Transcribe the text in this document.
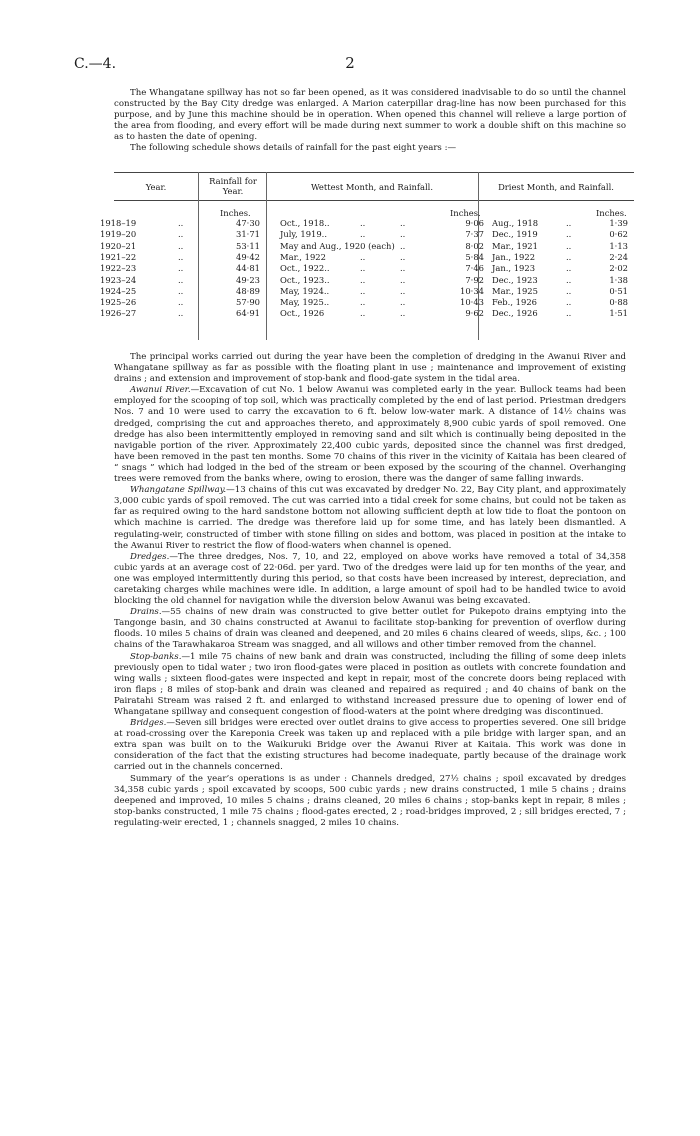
C.—4.	2

The Whangatane spillway has not so far been opened, as it was considered inadvisable to do so until the channel constructed by the Bay City dredge was enlarged. A Marion caterpillar drag-line has now been purchased for this purpose, and by June this machine should be in operation. When opened this channel will relieve a large portion of the area from flooding, and every effort will be made during next summer to work a double shift on this machine so as to hasten the date of opening.

The following schedule shows details of rainfall for the past eight years :—

Year.
Rainfall for Year.	Wettest Month, and Rainfall.	Driest Month, and Rainfall.
Inches.	Inches.	Inches.
1918–19	..	47·30 Oct., 1918..	..	..	9·06 Aug., 1918	..	1·39
1919–20	..	31·71 July, 1919..	..	..	7·37 Dec., 1919	..	0·62
1920–21	..	53·11 May and Aug., 1920 (each) ..	8·02 Mar., 1921	..	1·13
1921–22	..	49·42 Mar., 1922	..	..	5·84 Jan., 1922	..	2·24
1922–23	..	44·81 Oct., 1922..	..	..	7·46 Jan., 1923	..	2·02
1923–24	..	49·23 Oct., 1923..	..	..	7·92 Dec., 1923	..	1·38
1924–25	..	48·89 May, 1924..	..	..	10·34 Mar., 1925	..	0·51
1925–26	..	57·90 May, 1925..	..	..	10·43 Feb., 1926	..	0·88
1926–27	..	64·91 Oct., 1926	..	..	9·62 Dec., 1926	..	1·51

The principal works carried out during the year have been the completion of dredging in the Awanui River and Whangatane spillway as far as possible with the floating plant in use ; maintenance and improvement of existing drains ; and extension and improvement of stop-bank and flood-gate system in the tidal area.

Awanui River.—Excavation of cut No. 1 below Awanui was completed early in the year. Bullock teams had been employed for the scooping of top soil, which was practically completed by the end of last period. Priestman dredgers Nos. 7 and 10 were used to carry the excavation to 6 ft. below low-water mark. A distance of 14½ chains was dredged, comprising the cut and approaches thereto, and approximately 8,900 cubic yards of spoil removed. One dredge has also been intermittently employed in removing sand and silt which is continually being deposited in the navigable portion of the river. Approximately 22,400 cubic yards, deposited since the channel was first dredged, have been removed in the past ten months. Some 70 chains of this river in the vicinity of Kaitaia has been cleared of “ snags ” which had lodged in the bed of the stream or been exposed by the scouring of the channel. Overhanging trees were removed from the banks where, owing to erosion, there was the danger of same falling inwards.

Whangatane Spillway.—13 chains of this cut was excavated by dredger No. 22, Bay City plant, and approximately 3,000 cubic yards of spoil removed. The cut was carried into a tidal creek for some chains, but could not be taken as far as required owing to the hard sandstone bottom not allowing sufficient depth at low tide to float the pontoon on which machine is carried. The dredge was therefore laid up for some time, and has lately been dismantled. A regulating-weir, constructed of timber with stone filling on sides and bottom, was placed in position at the intake to the Awanui River to restrict the flow of flood-waters when channel is opened.

Dredges.—The three dredges, Nos. 7, 10, and 22, employed on above works have removed a total of 34,358 cubic yards at an average cost of 22·06d. per yard. Two of the dredges were laid up for ten months of the year, and one was employed intermittently during this period, so that costs have been increased by interest, depreciation, and caretaking charges while machines were idle. In addition, a large amount of spoil had to be handled twice to avoid blocking the old channel for navigation while the diversion below Awanui was being excavated.

Drains.—55 chains of new drain was constructed to give better outlet for Pukepoto drains emptying into the Tangonge basin, and 30 chains constructed at Awanui to facilitate stop-banking for prevention of overflow during floods. 10 miles 5 chains of drain was cleaned and deepened, and 20 miles 6 chains cleared of weeds, slips, &c. ; 100 chains of the Tarawhakaroa Stream was snagged, and all willows and other timber removed from the channel.

Stop-banks.—1 mile 75 chains of new bank and drain was constructed, including the filling of some deep inlets previously open to tidal water ; two iron flood-gates were placed in position as outlets with concrete foundation and wing walls ; sixteen flood-gates were inspected and kept in repair, most of the concrete doors being replaced with iron flaps ; 8 miles of stop-bank and drain was cleaned and repaired as required ; and 40 chains of bank on the Pairatahi Stream was raised 2 ft. and enlarged to withstand increased pressure due to opening of lower end of Whangatane spillway and consequent congestion of flood-waters at the point where dredging was discontinued.

Bridges.—Seven sill bridges were erected over outlet drains to give access to properties severed. One sill bridge at road-crossing over the Kareponia Creek was taken up and replaced with a pile bridge with larger span, and an extra span was built on to the Waikuruki Bridge over the Awanui River at Kaitaia. This work was done in consideration of the fact that the existing structures had become inadequate, partly because of the drainage work carried out in the channels concerned.

Summary of the year’s operations is as under : Channels dredged, 27½ chains ; spoil excavated by dredges 34,358 cubic yards ; spoil excavated by scoops, 500 cubic yards ; new drains constructed, 1 mile 5 chains ; drains deepened and improved, 10 miles 5 chains ; drains cleaned, 20 miles 6 chains ; stop-banks kept in repair, 8 miles ; stop-banks constructed, 1 mile 75 chains ; flood-gates erected, 2 ; road-bridges improved, 2 ; sill bridges erected, 7 ; regulating-weir erected, 1 ; channels snagged, 2 miles 10 chains.
